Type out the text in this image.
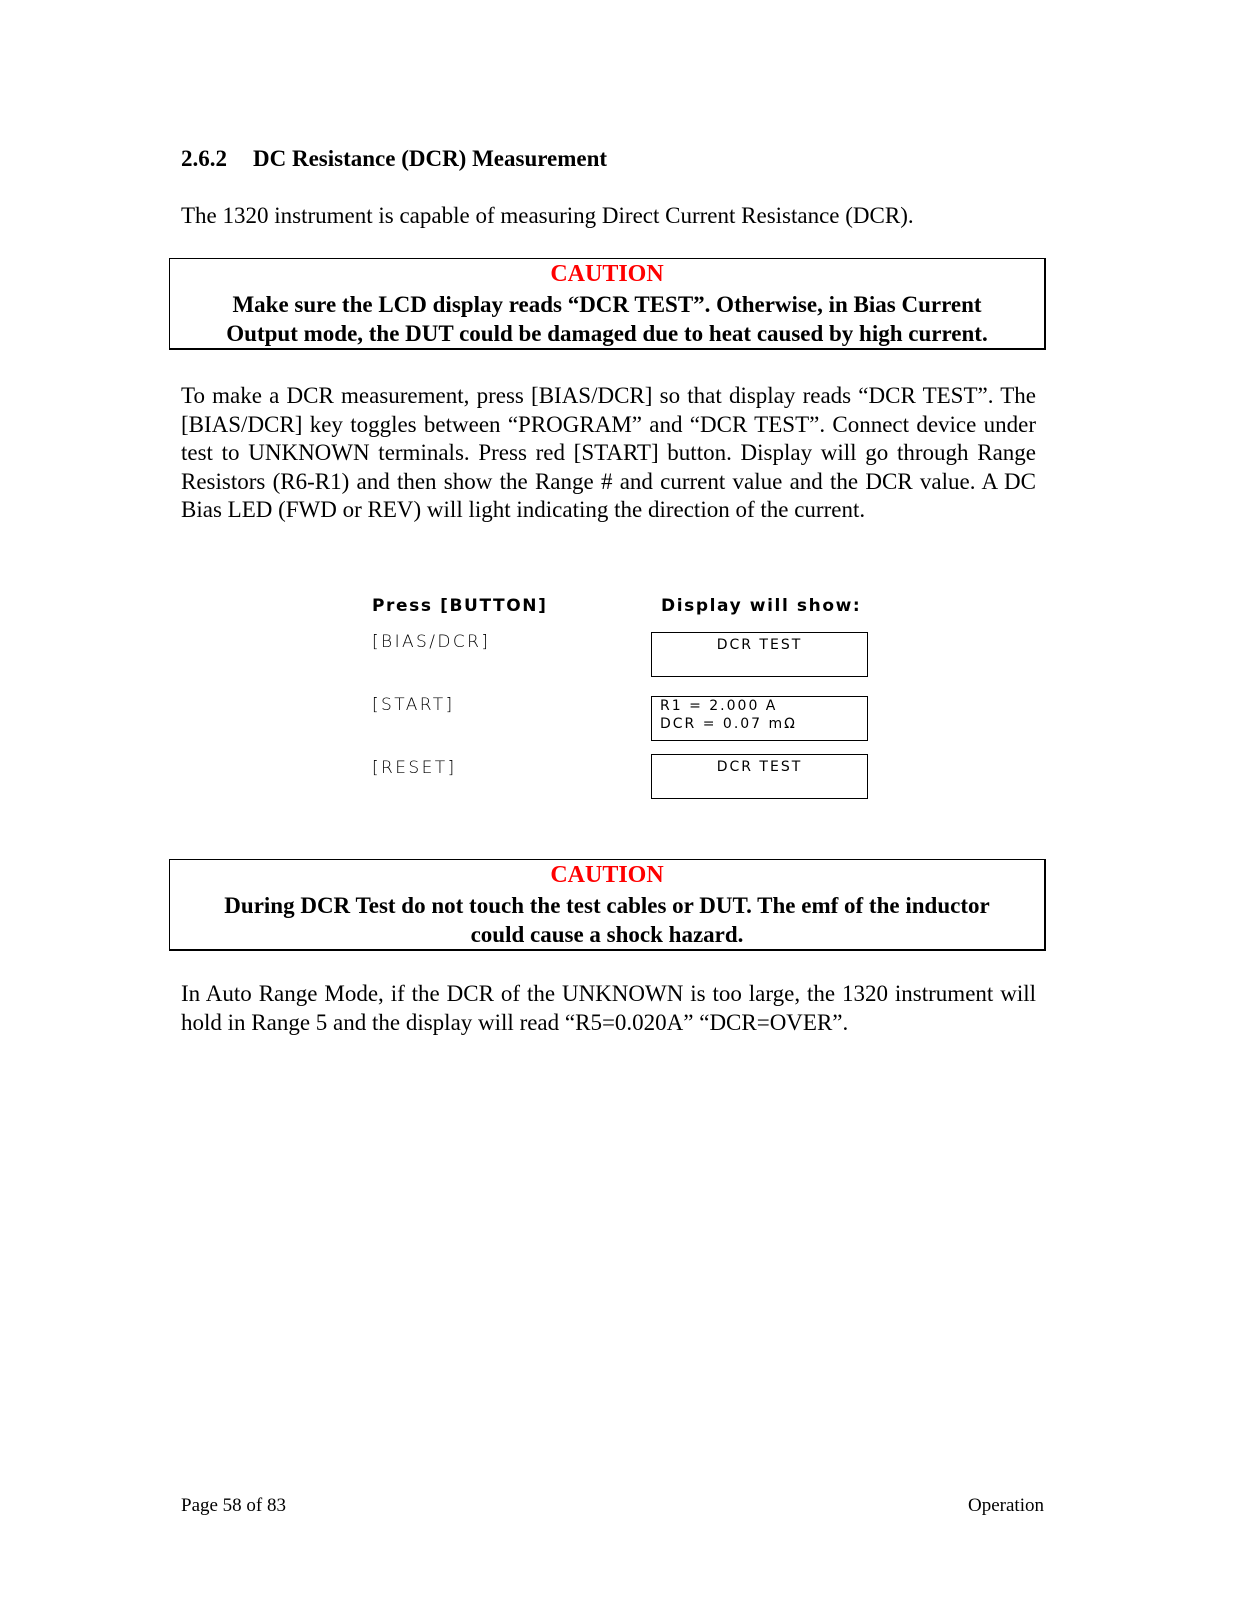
2.6.2 DC Resistance (DCR) Measurement

The 1320 instrument is capable of measuring Direct Current Resistance (DCR).

CAUTION
Make sure the LCD display reads “DCR TEST”. Otherwise, in Bias Current
Output mode, the DUT could be damaged due to heat caused by high current.

To make a DCR measurement, press [BIAS/DCR] so that display reads “DCR TEST”. The [BIAS/DCR] key toggles between “PROGRAM” and “DCR TEST”. Connect device under test to UNKNOWN terminals. Press red [START] button. Display will go through Range Resistors (R6-R1) and then show the Range # and current value and the DCR value. A DC Bias LED (FWD or REV) will light indicating the direction of the current.

Press [BUTTON]	Display will show:
[BIAS/DCR]	DCR TEST
[START]	R1 = 2.000 A
DCR = 0.07 mΩ
[RESET]	DCR TEST
CAUTION
During DCR Test do not touch the test cables or DUT. The emf of the inductor
could cause a shock hazard.

In Auto Range Mode, if the DCR of the UNKNOWN is too large, the 1320 instrument will hold in Range 5 and the display will read “R5=0.020A” “DCR=OVER”.

Page 58 of 83	Operation
